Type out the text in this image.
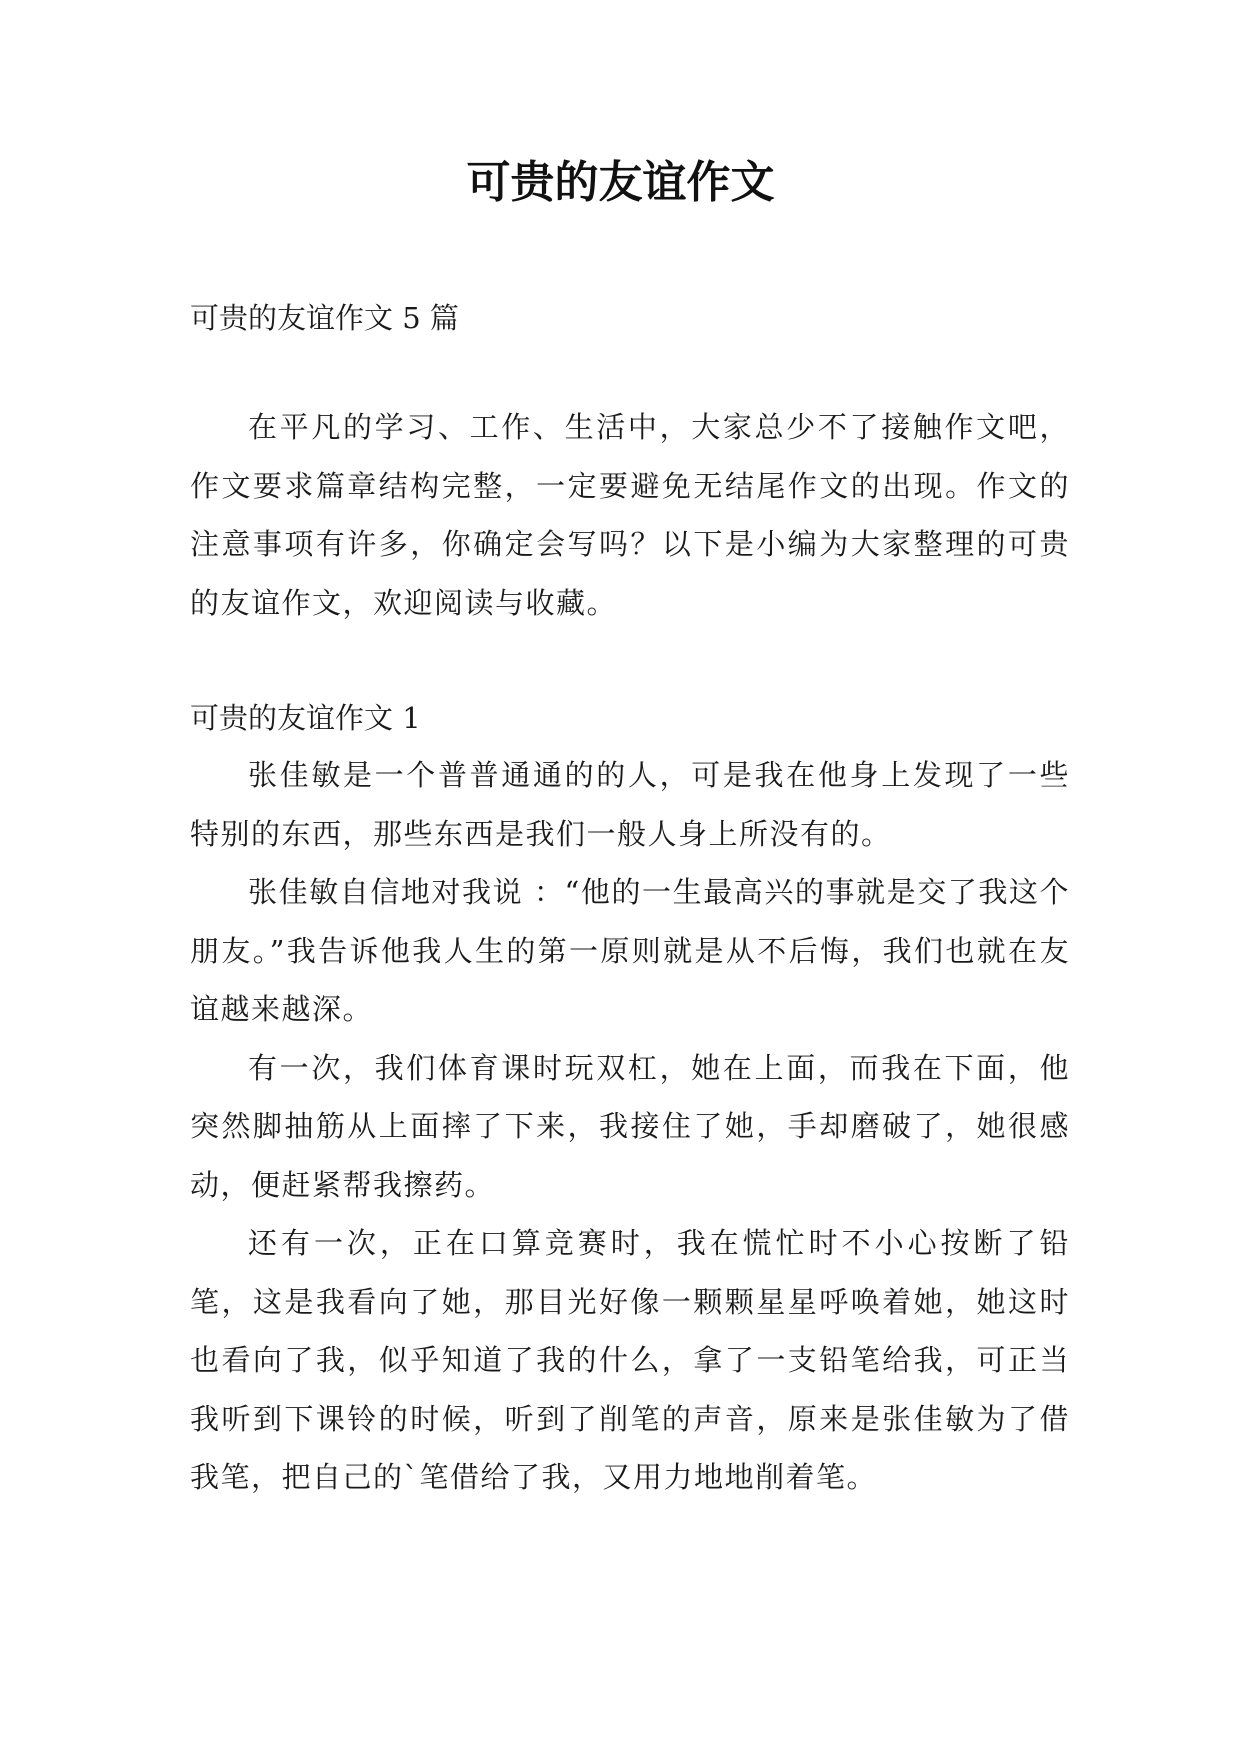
可贵的友谊作文

可贵的友谊作文 5 篇

在平凡的学习、工作、生活中，大家总少不了接触作文吧，作文要求篇章结构完整，一定要避免无结尾作文的出现。作文的注意事项有许多，你确定会写吗？以下是小编为大家整理的可贵的友谊作文，欢迎阅读与收藏。

可贵的友谊作文 1

张佳敏是一个普普通通的的人，可是我在他身上发现了一些特别的东西，那些东西是我们一般人身上所没有的。

张佳敏自信地对我说 ：“他的一生最高兴的事就是交了我这个朋友。”我告诉他我人生的第一原则就是从不后悔，我们也就在友谊越来越深。

有一次，我们体育课时玩双杠，她在上面，而我在下面，他突然脚抽筋从上面摔了下来，我接住了她，手却磨破了，她很感动，便赶紧帮我擦药。

还有一次，正在口算竞赛时，我在慌忙时不小心按断了铅笔，这是我看向了她，那目光好像一颗颗星星呼唤着她，她这时也看向了我，似乎知道了我的什么，拿了一支铅笔给我，可正当我听到下课铃的时候，听到了削笔的声音，原来是张佳敏为了借我笔，把自己的`笔借给了我，又用力地地削着笔。
